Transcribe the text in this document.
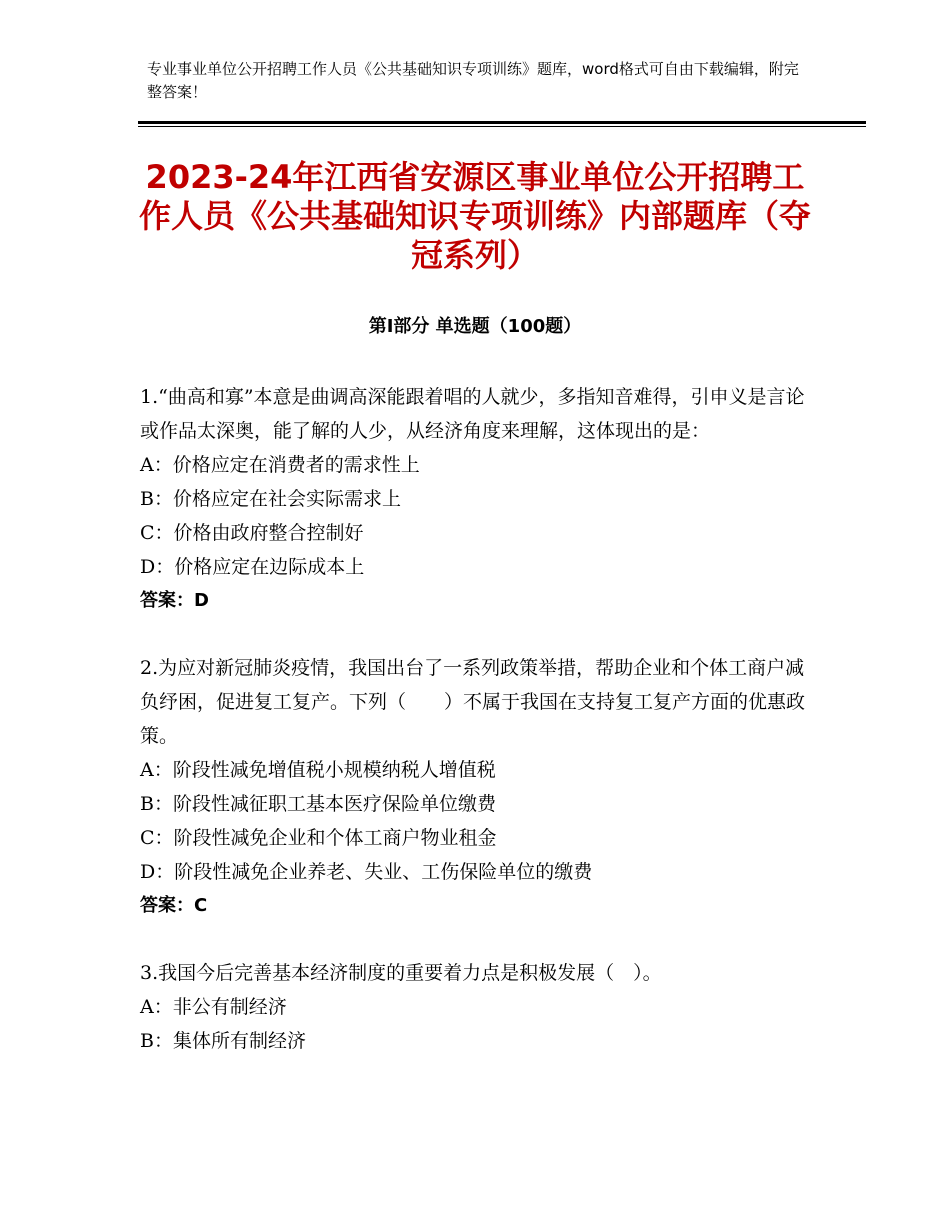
专业事业单位公开招聘工作人员《公共基础知识专项训练》题库，word格式可自由下载编辑，附完整答案！
2023-24年江西省安源区事业单位公开招聘工作人员《公共基础知识专项训练》内部题库（夺冠系列）
第Ⅰ部分 单选题（100题）

1.“曲高和寡”本意是曲调高深能跟着唱的人就少，多指知音难得，引申义是言论或作品太深奥，能了解的人少，从经济角度来理解，这体现出的是：

A：价格应定在消费者的需求性上

B：价格应定在社会实际需求上

C：价格由政府整合控制好

D：价格应定在边际成本上

答案：D

2.为应对新冠肺炎疫情，我国出台了一系列政策举措，帮助企业和个体工商户减负纾困，促进复工复产。下列（　　）不属于我国在支持复工复产方面的优惠政策。

A：阶段性减免增值税小规模纳税人增值税

B：阶段性减征职工基本医疗保险单位缴费

C：阶段性减免企业和个体工商户物业租金

D：阶段性减免企业养老、失业、工伤保险单位的缴费

答案：C

3.我国今后完善基本经济制度的重要着力点是积极发展（　）。

A：非公有制经济

B：集体所有制经济
